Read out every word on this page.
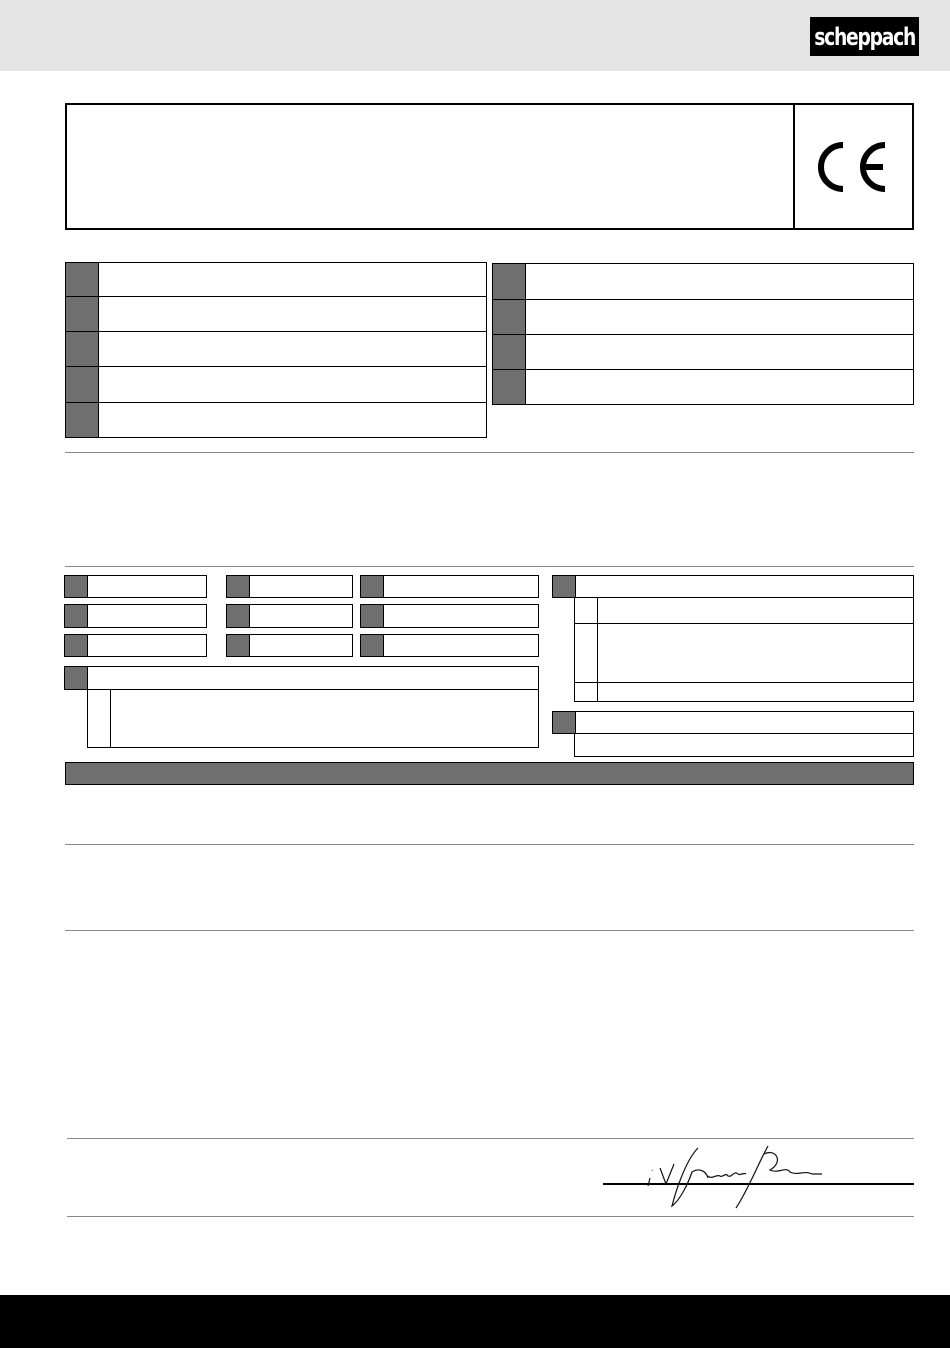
scheppach
